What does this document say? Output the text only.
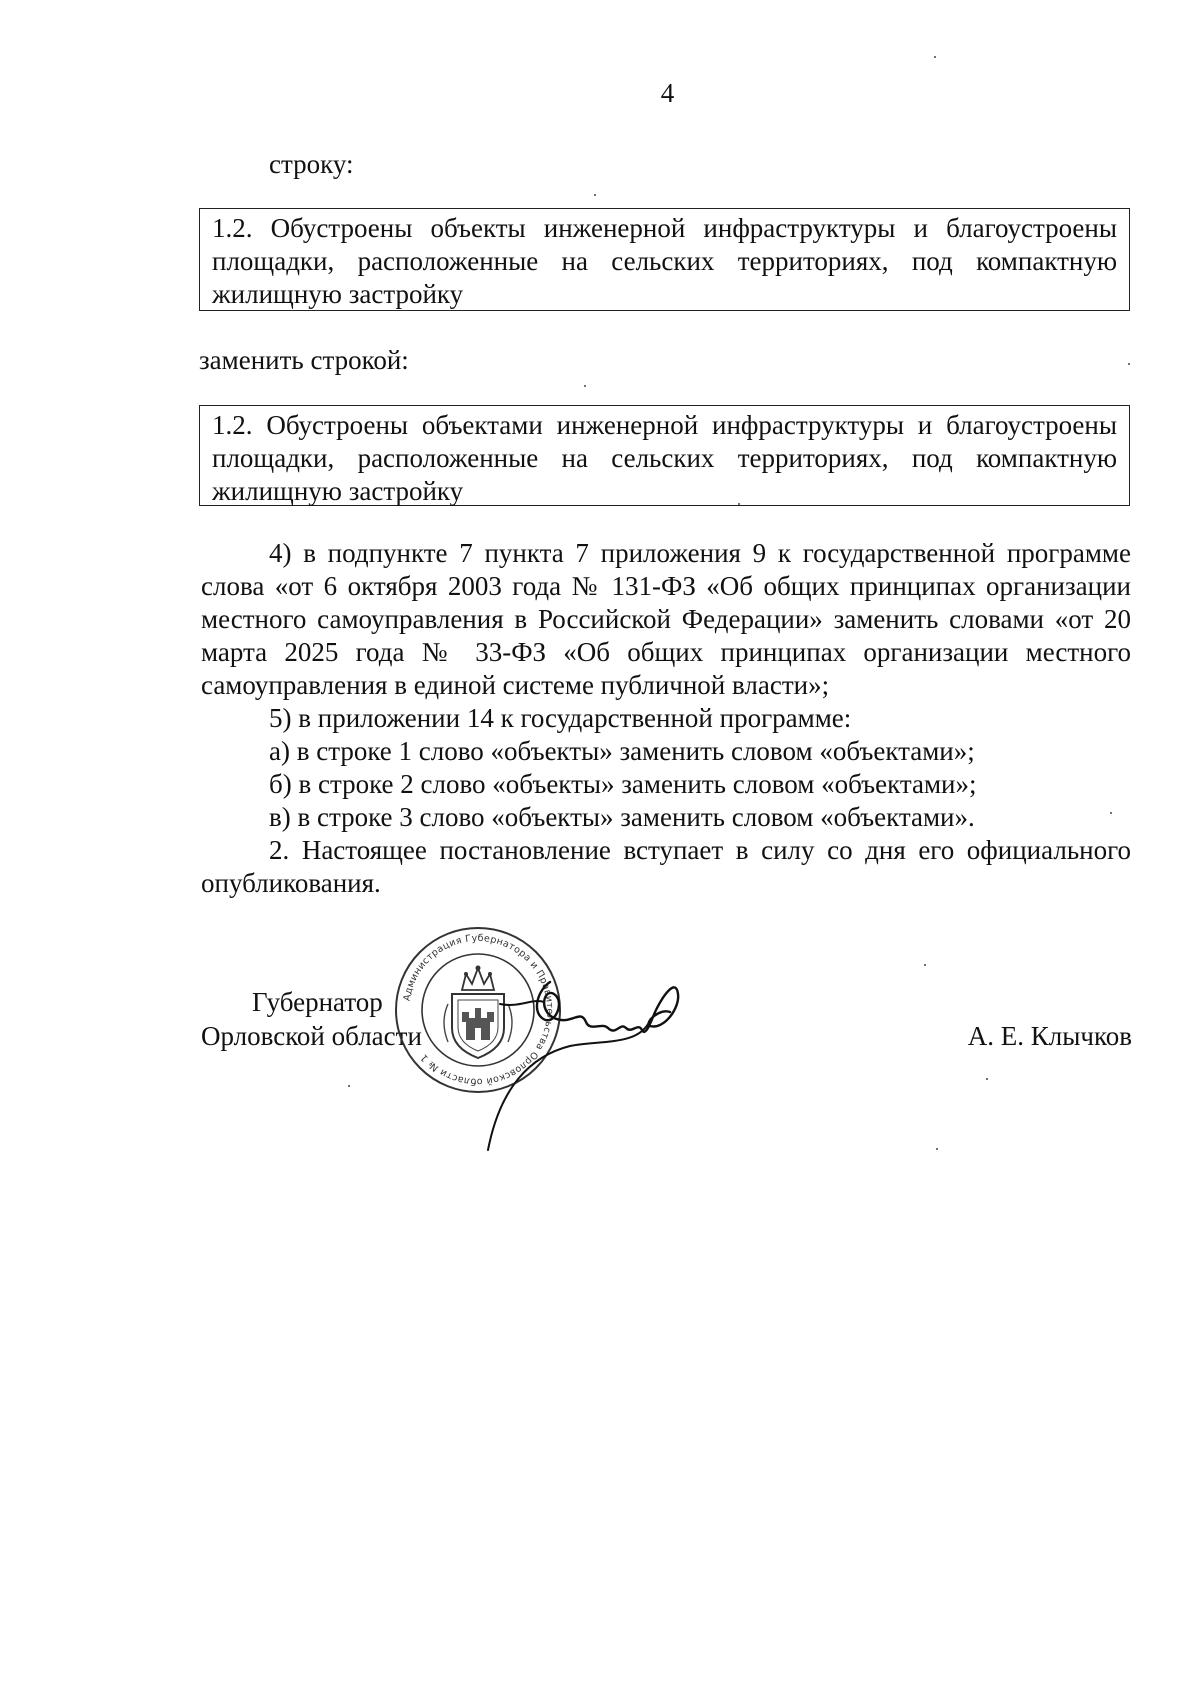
4

строку:

1.2. Обустроены объекты инженерной инфраструктуры и благоустроены площадки, расположенные на сельских территориях, под компактную жилищную застройку

заменить строкой:

1.2. Обустроены объектами инженерной инфраструктуры и благоустроены площадки, расположенные на сельских территориях, под компактную жилищную застройку

4) в подпункте 7 пункта 7 приложения 9 к государственной программе слова «от 6 октября 2003 года № 131-ФЗ «Об общих принципах организации местного самоуправления в Российской Федерации» заменить словами «от 20 марта 2025 года № 33-ФЗ «Об общих принципах организации местного самоуправления в единой системе публичной власти»;

5) в приложении 14 к государственной программе:

а) в строке 1 слово «объекты» заменить словом «объектами»;

б) в строке 2 слово «объекты» заменить словом «объектами»;

в) в строке 3 слово «объекты» заменить словом «объектами».

2. Настоящее постановление вступает в силу со дня его официального опубликования.

Губернатор
Орловской области	А. Е. Клычков
Администрация Губернатора и Правительства Орловской области № 1
